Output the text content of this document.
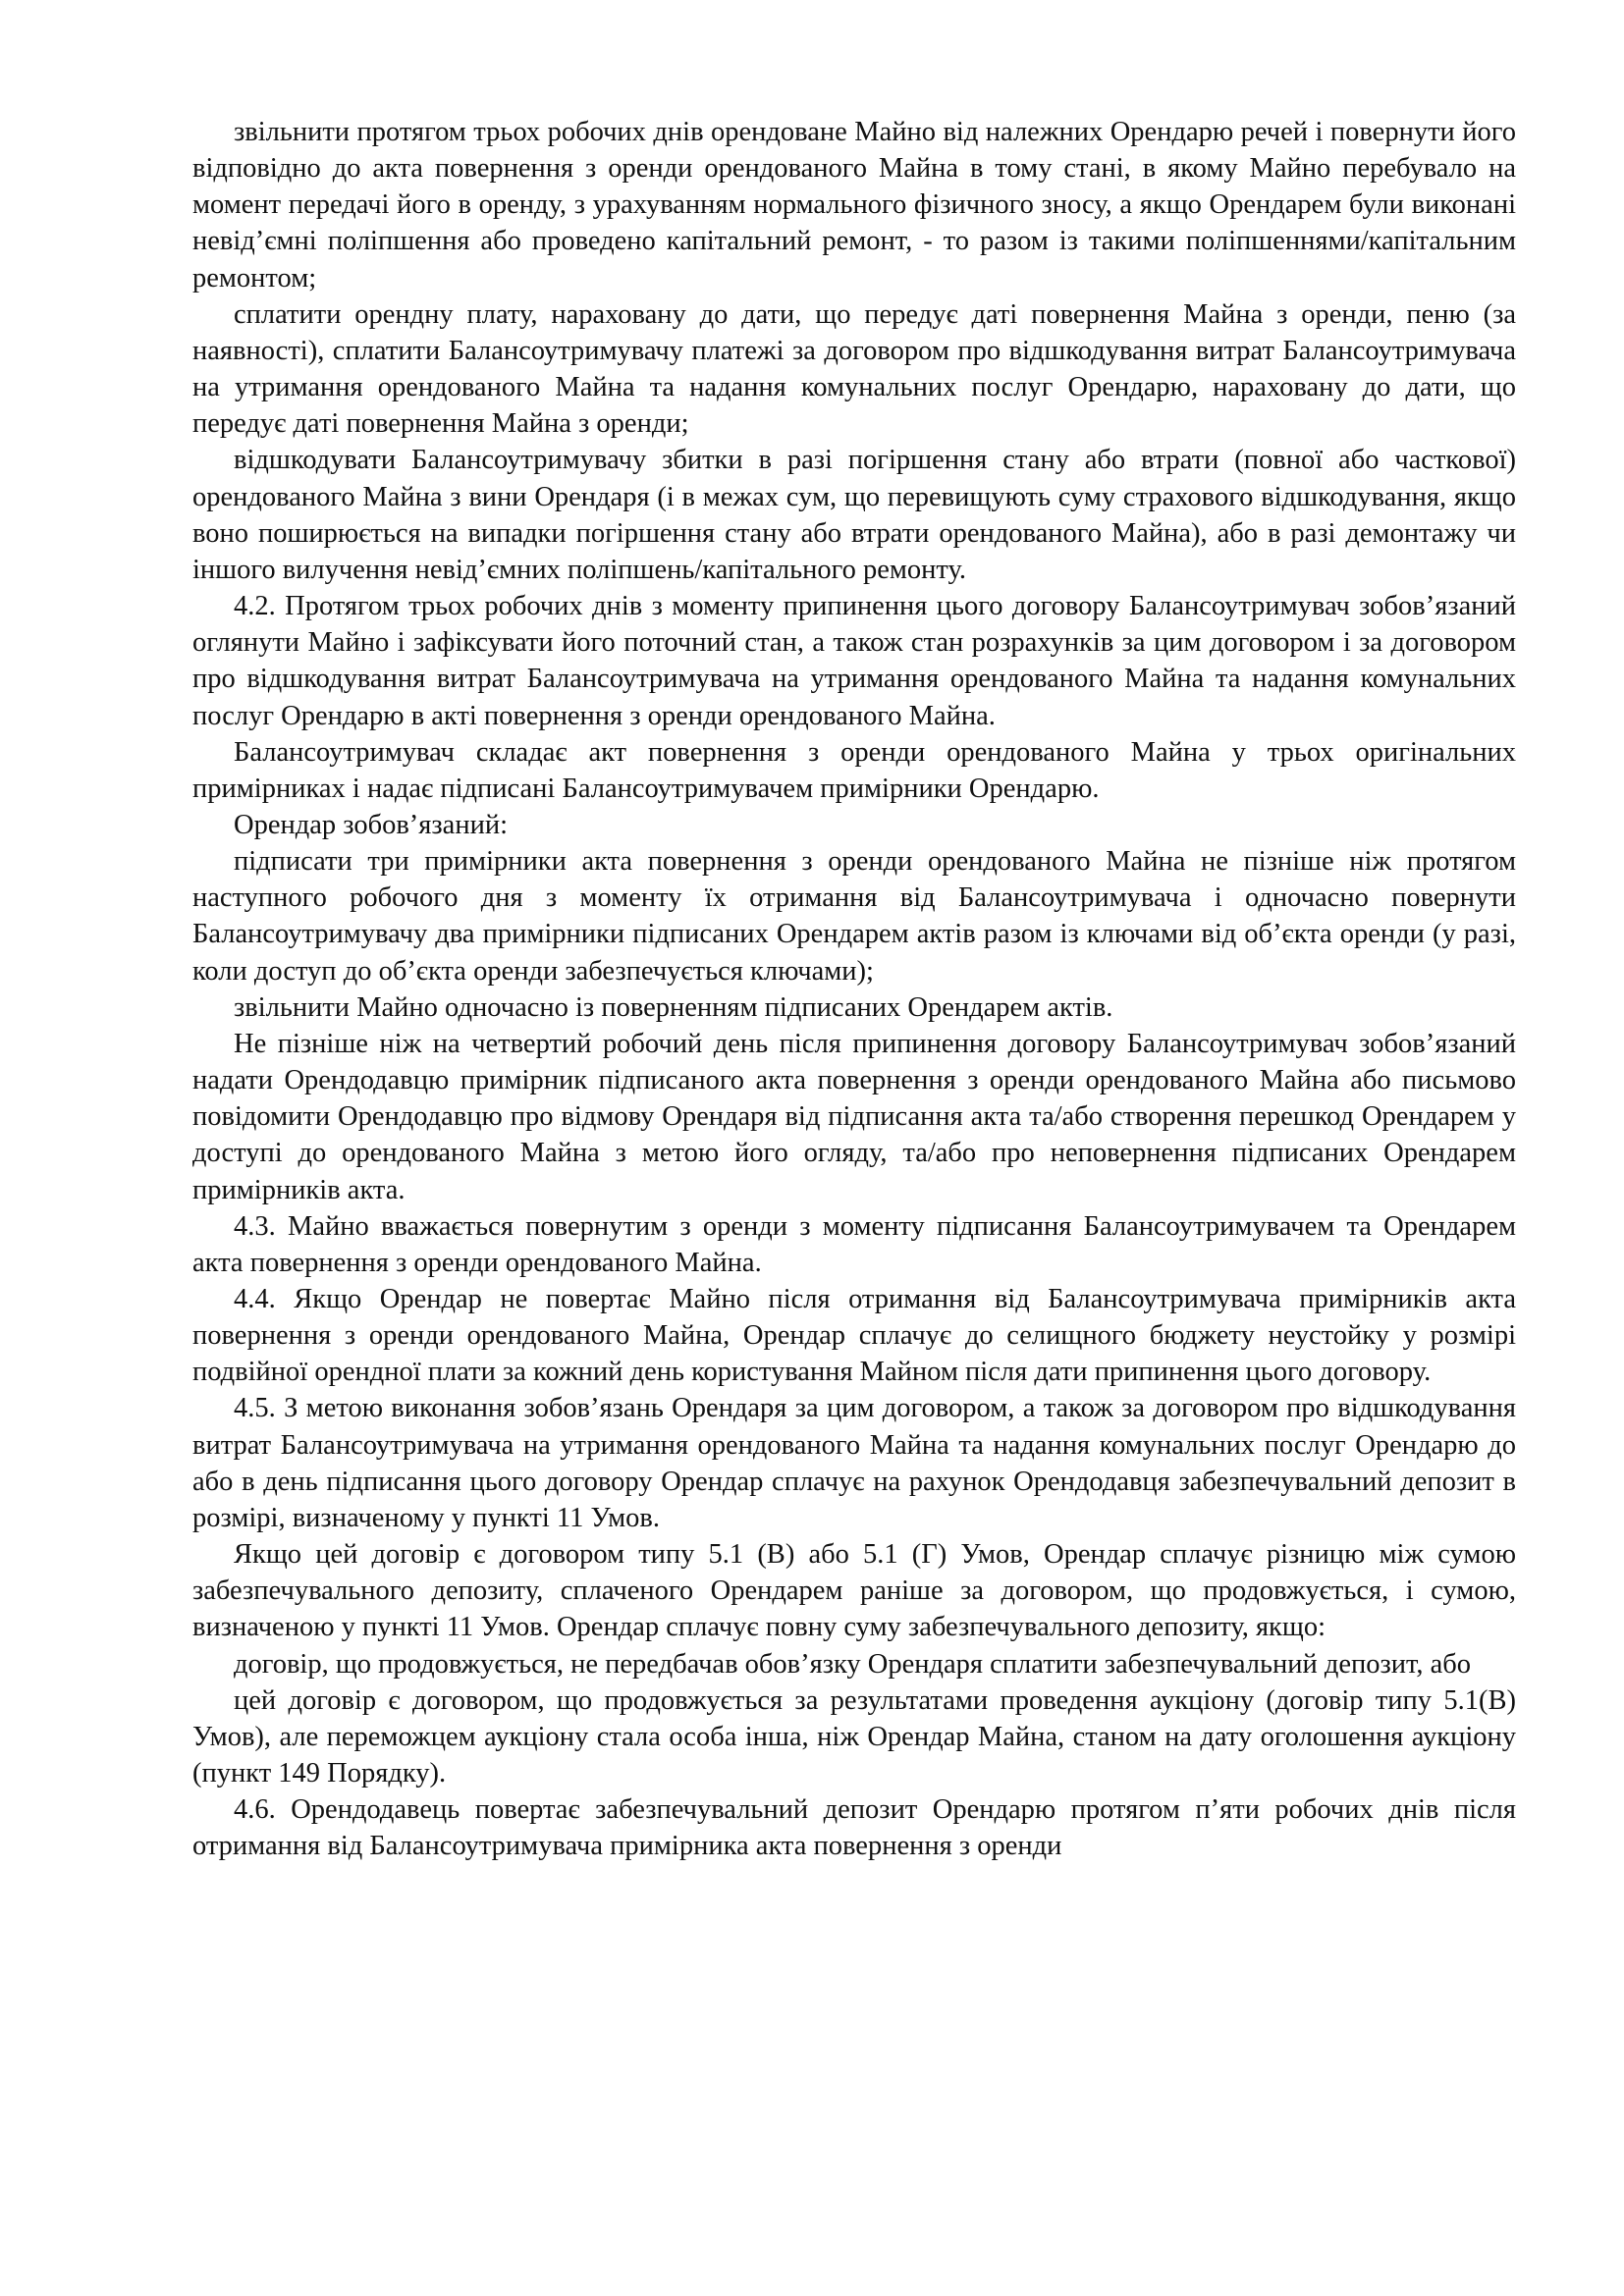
звільнити протягом трьох робочих днів орендоване Майно від належних Орендарю речей і повернути його відповідно до акта повернення з оренди орендованого Майна в тому стані, в якому Майно перебувало на момент передачі його в оренду, з урахуванням нормального фізичного зносу, а якщо Орендарем були виконані невід’ємні поліпшення або проведено капітальний ремонт, - то разом із такими поліпшеннями/капітальним ремонтом;

сплатити орендну плату, нараховану до дати, що передує даті повернення Майна з оренди, пеню (за наявності), сплатити Балансоутримувачу платежі за договором про відшкодування витрат Балансоутримувача на утримання орендованого Майна та надання комунальних послуг Орендарю, нараховану до дати, що передує даті повернення Майна з оренди;

відшкодувати Балансоутримувачу збитки в разі погіршення стану або втрати (повної або часткової) орендованого Майна з вини Орендаря (і в межах сум, що перевищують суму страхового відшкодування, якщо воно поширюється на випадки погіршення стану або втрати орендованого Майна), або в разі демонтажу чи іншого вилучення невід’ємних поліпшень/капітального ремонту.

4.2. Протягом трьох робочих днів з моменту припинення цього договору Балансоутримувач зобов’язаний оглянути Майно і зафіксувати його поточний стан, а також стан розрахунків за цим договором і за договором про відшкодування витрат Балансоутримувача на утримання орендованого Майна та надання комунальних послуг Орендарю в акті повернення з оренди орендованого Майна.

Балансоутримувач складає акт повернення з оренди орендованого Майна у трьох оригінальних примірниках і надає підписані Балансоутримувачем примірники Орендарю.

Орендар зобов’язаний:

підписати три примірники акта повернення з оренди орендованого Майна не пізніше ніж протягом наступного робочого дня з моменту їх отримання від Балансоутримувача і одночасно повернути Балансоутримувачу два примірники підписаних Орендарем актів разом із ключами від об’єкта оренди (у разі, коли доступ до об’єкта оренди забезпечується ключами);

звільнити Майно одночасно із поверненням підписаних Орендарем актів.

Не пізніше ніж на четвертий робочий день після припинення договору Балансоутримувач зобов’язаний надати Орендодавцю примірник підписаного акта повернення з оренди орендованого Майна або письмово повідомити Орендодавцю про відмову Орендаря від підписання акта та/або створення перешкод Орендарем у доступі до орендованого Майна з метою його огляду, та/або про неповернення підписаних Орендарем примірників акта.

4.3. Майно вважається повернутим з оренди з моменту підписання Балансоутримувачем та Орендарем акта повернення з оренди орендованого Майна.

4.4. Якщо Орендар не повертає Майно після отримання від Балансоутримувача примірників акта повернення з оренди орендованого Майна, Орендар сплачує до селищного бюджету неустойку у розмірі подвійної орендної плати за кожний день користування Майном після дати припинення цього договору.

4.5. З метою виконання зобов’язань Орендаря за цим договором, а також за договором про відшкодування витрат Балансоутримувача на утримання орендованого Майна та надання комунальних послуг Орендарю до або в день підписання цього договору Орендар сплачує на рахунок Орендодавця забезпечувальний депозит в розмірі, визначеному у пункті 11 Умов.

Якщо цей договір є договором типу 5.1 (В) або 5.1 (Г) Умов, Орендар сплачує різницю між сумою забезпечувального депозиту, сплаченого Орендарем раніше за договором, що продовжується, і сумою, визначеною у пункті 11 Умов. Орендар сплачує повну суму забезпечувального депозиту, якщо:

договір, що продовжується, не передбачав обов’язку Орендаря сплатити забезпечувальний депозит, або

цей договір є договором, що продовжується за результатами проведення аукціону (договір типу 5.1(В) Умов), але переможцем аукціону стала особа інша, ніж Орендар Майна, станом на дату оголошення аукціону (пункт 149 Порядку).

4.6. Орендодавець повертає забезпечувальний депозит Орендарю протягом п’яти робочих днів після отримання від Балансоутримувача примірника акта повернення з оренди
